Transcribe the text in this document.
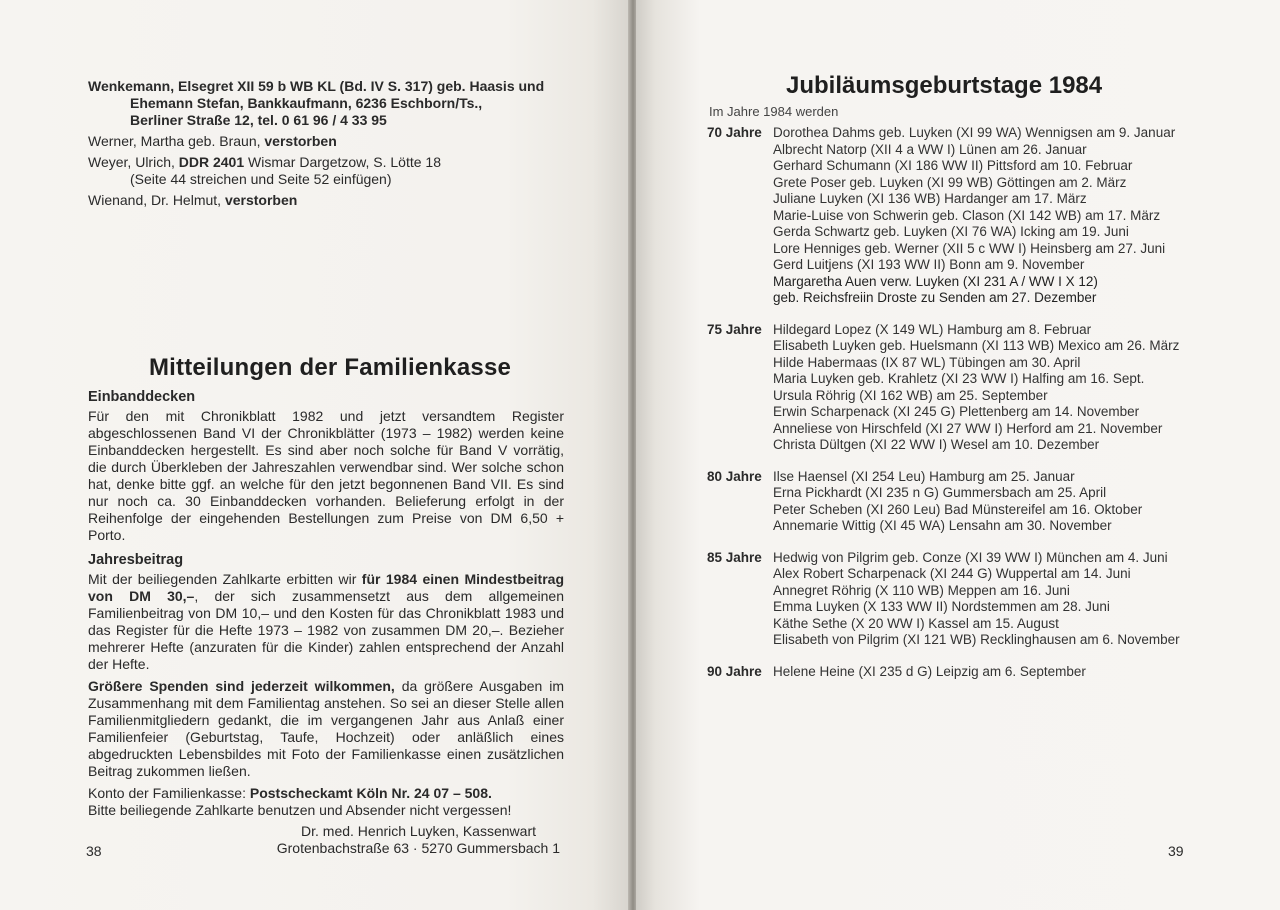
Wenkemann, Elsegret XII 59 b WB KL (Bd. IV S. 317) geb. Haasis und
Ehemann Stefan, Bankkaufmann, 6236 Eschborn/Ts.,
Berliner Straße 12, tel. 0 61 96 / 4 33 95
Werner, Martha geb. Braun, verstorben
Weyer, Ulrich, DDR 2401 Wismar Dargetzow, S. Lötte 18
(Seite 44 streichen und Seite 52 einfügen)
Wienand, Dr. Helmut, verstorben
Mitteilungen der Familienkasse
Einbanddecken

Für den mit Chronikblatt 1982 und jetzt versandtem Register abgeschlossenen Band VI der Chronikblätter (1973 – 1982) werden keine Einbanddecken hergestellt. Es sind aber noch solche für Band V vorrätig, die durch Überkleben der Jahreszahlen verwendbar sind. Wer solche schon hat, denke bitte ggf. an welche für den jetzt begonnenen Band VII. Es sind nur noch ca. 30 Einbanddecken vorhanden. Belieferung erfolgt in der Reihenfolge der eingehenden Bestellungen zum Preise von DM 6,50 + Porto.

Jahresbeitrag

Mit der beiliegenden Zahlkarte erbitten wir für 1984 einen Mindestbeitrag von DM 30,–, der sich zusammensetzt aus dem allgemeinen Familienbeitrag von DM 10,– und den Kosten für das Chronikblatt 1983 und das Register für die Hefte 1973 – 1982 von zusammen DM 20,–. Bezieher mehrerer Hefte (anzuraten für die Kinder) zahlen entsprechend der Anzahl der Hefte.

Größere Spenden sind jederzeit wilkommen, da größere Ausgaben im Zusammenhang mit dem Familientag anstehen. So sei an dieser Stelle allen Familienmitgliedern gedankt, die im vergangenen Jahr aus Anlaß einer Familienfeier (Geburtstag, Taufe, Hochzeit) oder anläßlich eines abgedruckten Lebensbildes mit Foto der Familienkasse einen zusätzlichen Beitrag zukommen ließen.

Konto der Familienkasse: Postscheckamt Köln Nr. 24 07 – 508.
Bitte beiliegende Zahlkarte benutzen und Absender nicht vergessen!
Dr. med. Henrich Luyken, Kassenwart
Grotenbachstraße 63 · 5270 Gummersbach 1
38
Jubiläumsgeburtstage 1984
Im Jahre 1984 werden
70 Jahre Dorothea Dahms geb. Luyken (XI 99 WA) Wennigsen am 9. Januar
Albrecht Natorp (XII 4 a WW I) Lünen am 26. Januar
Gerhard Schumann (XI 186 WW II) Pittsford am 10. Februar
Grete Poser geb. Luyken (XI 99 WB) Göttingen am 2. März
Juliane Luyken (XI 136 WB) Hardanger am 17. März
Marie-Luise von Schwerin geb. Clason (XI 142 WB) am 17. März
Gerda Schwartz geb. Luyken (XI 76 WA) Icking am 19. Juni
Lore Henniges geb. Werner (XII 5 c WW I) Heinsberg am 27. Juni
Gerd Luitjens (XI 193 WW II) Bonn am 9. November
Margaretha Auen verw. Luyken (XI 231 A / WW I X 12)
geb. Reichsfreiin Droste zu Senden am 27. Dezember
75 Jahre Hildegard Lopez (X 149 WL) Hamburg am 8. Februar
Elisabeth Luyken geb. Huelsmann (XI 113 WB) Mexico am 26. März
Hilde Habermaas (IX 87 WL) Tübingen am 30. April
Maria Luyken geb. Krahletz (XI 23 WW I) Halfing am 16. Sept.
Ursula Röhrig (XI 162 WB) am 25. September
Erwin Scharpenack (XI 245 G) Plettenberg am 14. November
Anneliese von Hirschfeld (XI 27 WW I) Herford am 21. November
Christa Dültgen (XI 22 WW I) Wesel am 10. Dezember
80 Jahre Ilse Haensel (XI 254 Leu) Hamburg am 25. Januar
Erna Pickhardt (XI 235 n G) Gummersbach am 25. April
Peter Scheben (XI 260 Leu) Bad Münstereifel am 16. Oktober
Annemarie Wittig (XI 45 WA) Lensahn am 30. November
85 Jahre Hedwig von Pilgrim geb. Conze (XI 39 WW I) München am 4. Juni
Alex Robert Scharpenack (XI 244 G) Wuppertal am 14. Juni
Annegret Röhrig (X 110 WB) Meppen am 16. Juni
Emma Luyken (X 133 WW II) Nordstemmen am 28. Juni
Käthe Sethe (X 20 WW I) Kassel am 15. August
Elisabeth von Pilgrim (XI 121 WB) Recklinghausen am 6. November
90 Jahre Helene Heine (XI 235 d G) Leipzig am 6. September
39
